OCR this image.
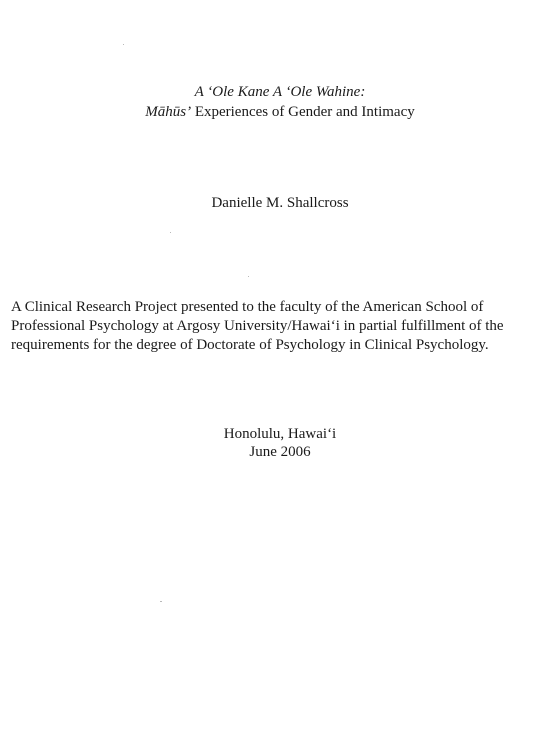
A ‘Ole Kane A ‘Ole Wahine:
Māhūs’ Experiences of Gender and Intimacy
Danielle M. Shallcross
A Clinical Research Project presented to the faculty of the American School of
Professional Psychology at Argosy University/Hawai‘i in partial fulfillment of the
requirements for the degree of Doctorate of Psychology in Clinical Psychology.
Honolulu, Hawai‘i
June 2006
